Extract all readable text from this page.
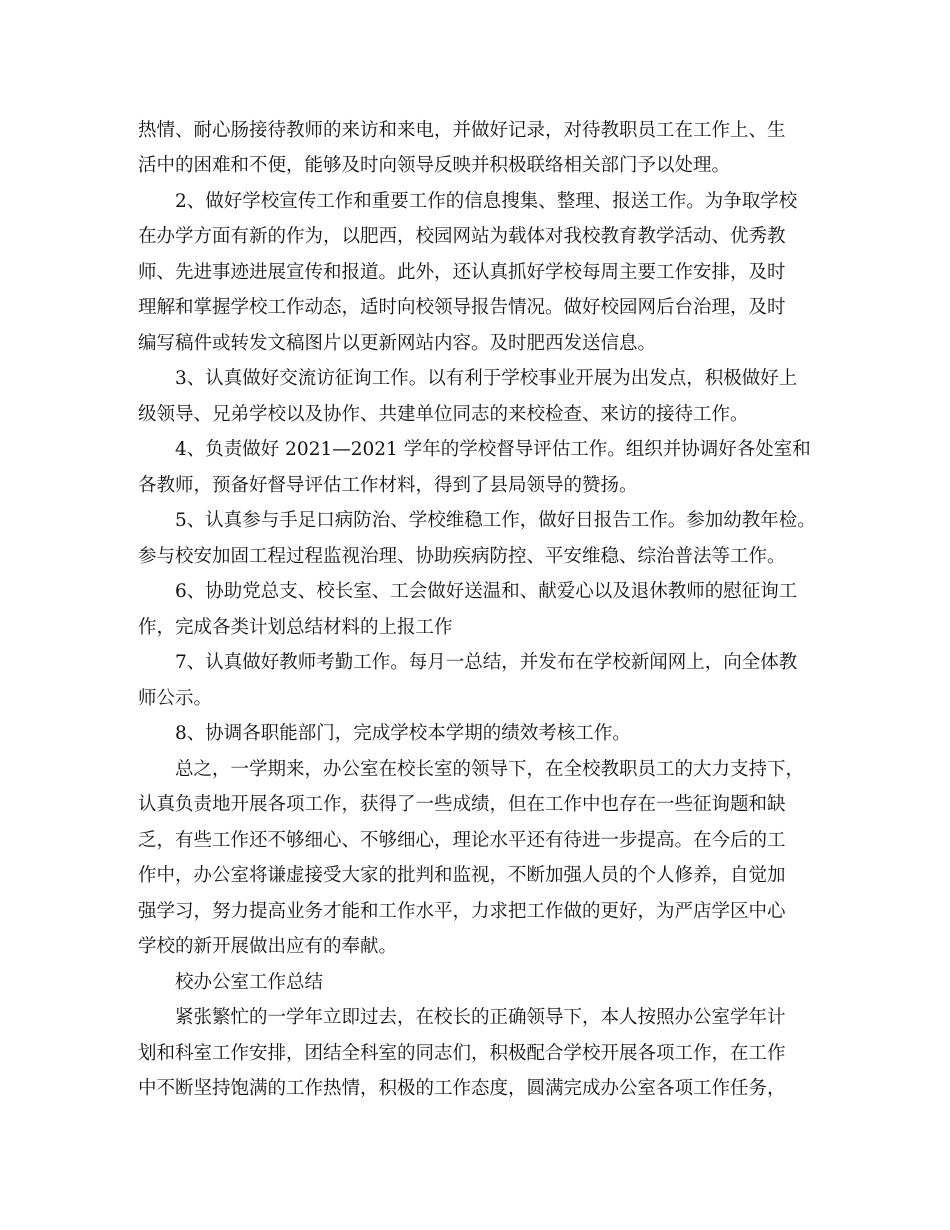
热情、耐心肠接待教师的来访和来电，并做好记录，对待教职员工在工作上、生
活中的困难和不便，能够及时向领导反映并积极联络相关部门予以处理。
2、做好学校宣传工作和重要工作的信息搜集、整理、报送工作。为争取学校
在办学方面有新的作为，以肥西，校园网站为载体对我校教育教学活动、优秀教
师、先进事迹进展宣传和报道。此外，还认真抓好学校每周主要工作安排，及时
理解和掌握学校工作动态，适时向校领导报告情况。做好校园网后台治理，及时
编写稿件或转发文稿图片以更新网站内容。及时肥西发送信息。
3、认真做好交流访征询工作。以有利于学校事业开展为出发点，积极做好上
级领导、兄弟学校以及协作、共建单位同志的来校检查、来访的接待工作。
4、负责做好 2021—2021 学年的学校督导评估工作。组织并协调好各处室和
各教师，预备好督导评估工作材料，得到了县局领导的赞扬。
5、认真参与手足口病防治、学校维稳工作，做好日报告工作。参加幼教年检。
参与校安加固工程过程监视治理、协助疾病防控、平安维稳、综治普法等工作。
6、协助党总支、校长室、工会做好送温和、献爱心以及退休教师的慰征询工
作，完成各类计划总结材料的上报工作
7、认真做好教师考勤工作。每月一总结，并发布在学校新闻网上，向全体教
师公示。
8、协调各职能部门，完成学校本学期的绩效考核工作。
总之，一学期来，办公室在校长室的领导下，在全校教职员工的大力支持下，
认真负责地开展各项工作，获得了一些成绩，但在工作中也存在一些征询题和缺
乏，有些工作还不够细心、不够细心，理论水平还有待进一步提高。在今后的工
作中，办公室将谦虚接受大家的批判和监视，不断加强人员的个人修养，自觉加
强学习，努力提高业务才能和工作水平，力求把工作做的更好，为严店学区中心
学校的新开展做出应有的奉献。
校办公室工作总结
紧张繁忙的一学年立即过去，在校长的正确领导下，本人按照办公室学年计
划和科室工作安排，团结全科室的同志们，积极配合学校开展各项工作，在工作
中不断坚持饱满的工作热情，积极的工作态度，圆满完成办公室各项工作任务，
